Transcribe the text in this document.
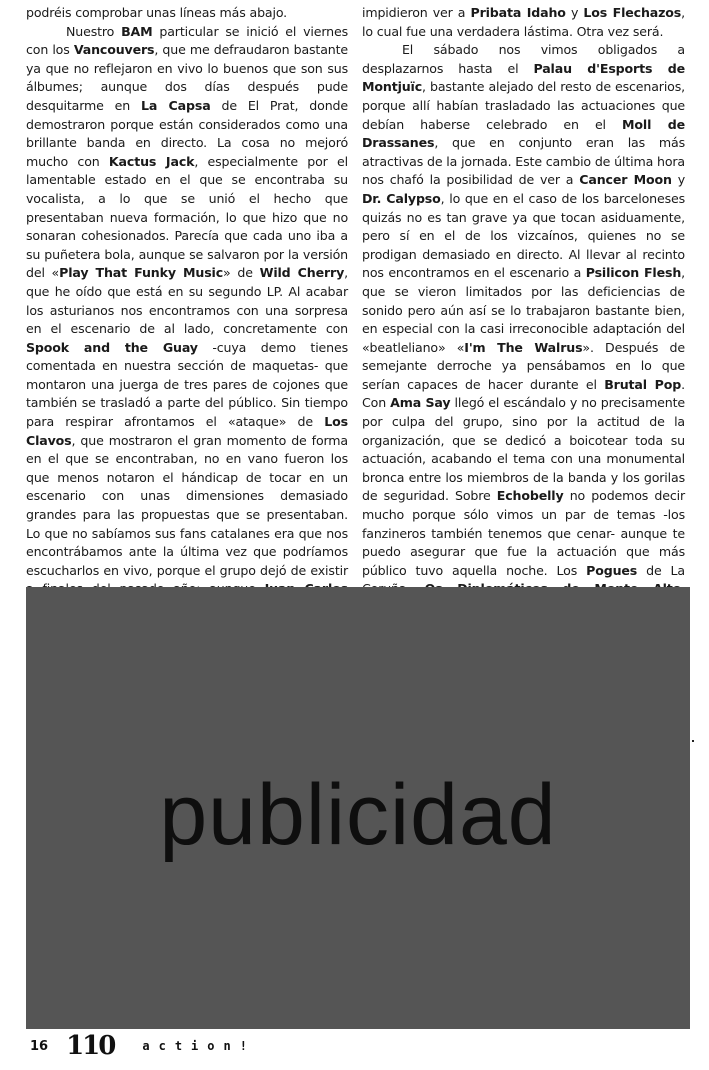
podréis comprobar unas líneas más abajo.

Nuestro BAM particular se inició el viernes con los Vancouvers, que me defraudaron bastante ya que no reflejaron en vivo lo buenos que son sus álbumes; aunque dos días después pude desquitarme en La Capsa de El Prat, donde demostraron porque están considerados como una brillante banda en directo. La cosa no mejoró mucho con Kactus Jack, especialmente por el lamentable estado en el que se encontraba su vocalista, a lo que se unió el hecho que presentaban nueva formación, lo que hizo que no sonaran cohesionados. Parecía que cada uno iba a su puñetera bola, aunque se salvaron por la versión del «Play That Funky Music» de Wild Cherry, que he oído que está en su segundo LP. Al acabar los asturianos nos encontramos con una sorpresa en el escenario de al lado, concretamente con Spook and the Guay -cuya demo tienes comentada en nuestra sección de maquetas- que montaron una juerga de tres pares de cojones que también se trasladó a parte del público. Sin tiempo para respirar afrontamos el «ataque» de Los Clavos, que mostraron el gran momento de forma en el que se encontraban, no en vano fueron los que menos notaron el hándicap de tocar en un escenario con unas dimensiones demasiado grandes para las propuestas que se presentaban. Lo que no sabíamos sus fans catalanes era que nos encontrábamos ante la última vez que podríamos escucharlos en vivo, porque el grupo dejó de existir

impidieron ver a Pribata Idaho y Los Flechazos, lo cual fue una verdadera lástima. Otra vez será.

El sábado nos vimos obligados a desplazarnos hasta el Palau d'Esports de Montjuïc, bastante alejado del resto de escenarios, porque allí habían trasladado las actuaciones que debían haberse celebrado en el Moll de Drassanes, que en conjunto eran las más atractivas de la jornada. Este cambio de última hora nos chafó la posibilidad de ver a Cancer Moon y Dr. Calypso, lo que en el caso de los barceloneses quizás no es tan grave ya que tocan asiduamente, pero sí en el de los vizcaínos, quienes no se prodigan demasiado en directo. Al llevar al recinto nos encontramos en el escenario a Psilicon Flesh, que se vieron limitados por las deficiencias de sonido pero aún así se lo trabajaron bastante bien, en especial con la casi irreconocible adaptación del «beatleliano» «I'm The Walrus». Después de semejante derroche ya pensábamos en lo que serían capaces de hacer durante el Brutal Pop. Con Ama Say llegó el escándalo y no precisamente por culpa del grupo, sino por la actitud de la organización, que se dedicó a boicotear toda su actuación, acabando el tema con una monumental bronca entre los miembros de la banda y los gorilas de seguridad. Sobre Echobelly no podemos decir mucho porque sólo vimos un par de temas -los fanzineros también tenemos que cenar- aunque te puedo asegurar que fue la actuación que más público tuvo aquella noche. Los Pogues de La

publicidad
16 110 action!
